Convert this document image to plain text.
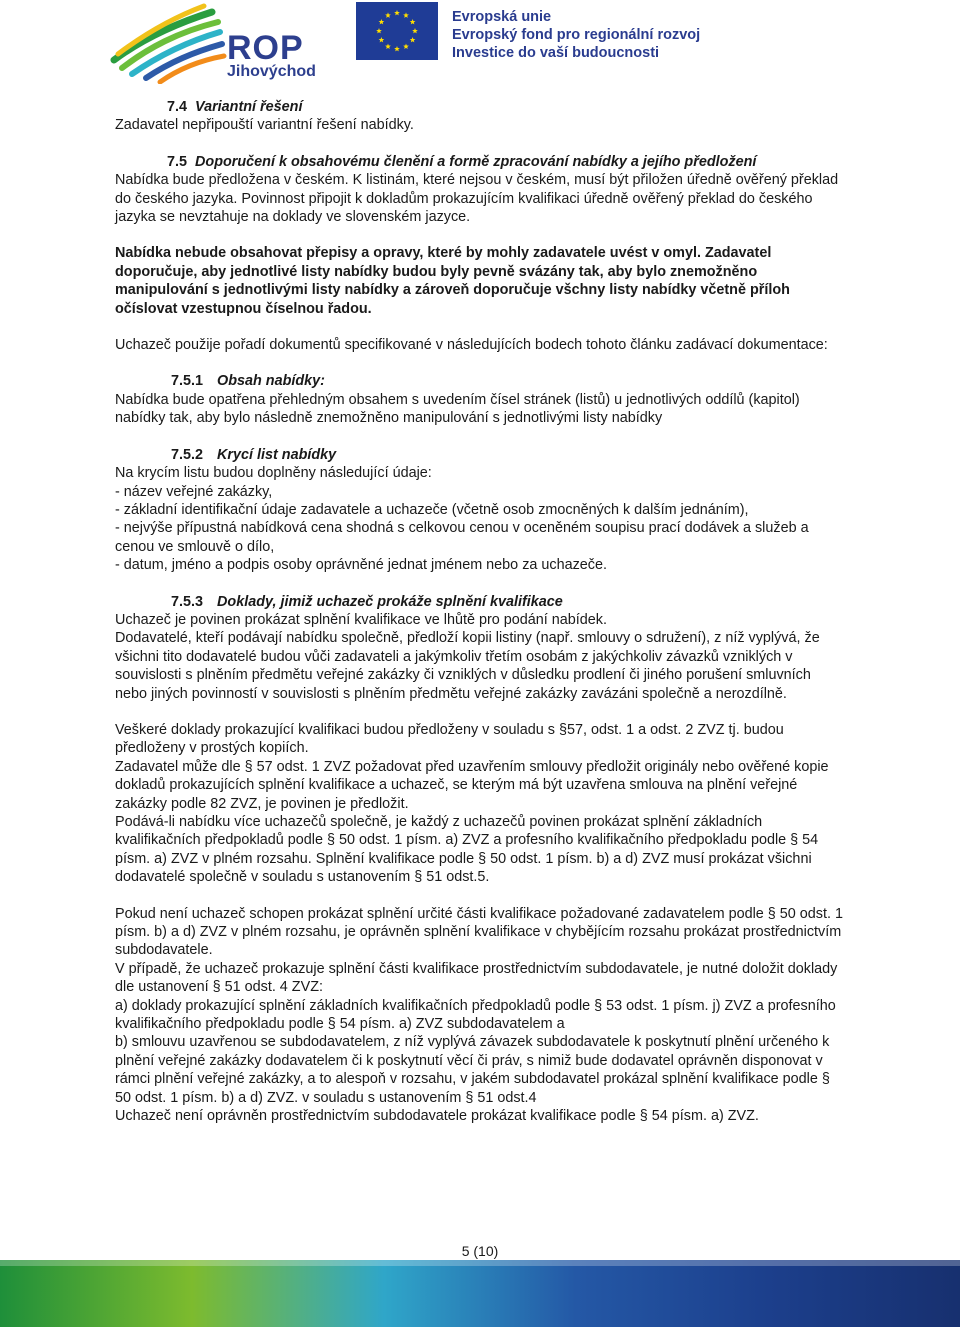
ROP
Jihovýchod
Evropská unie
Evropský fond pro regionální rozvoj
Investice do vaší budoucnosti

7.4 Variantní řešení

Zadavatel nepřipouští variantní řešení nabídky.

7.5 Doporučení k obsahovému členění a formě zpracování nabídky a jejího předložení

Nabídka bude předložena v českém. K listinám, které nejsou v českém, musí být přiložen úředně ověřený překlad do českého jazyka. Povinnost připojit k dokladům prokazujícím kvalifikaci úředně ověřený překlad do českého jazyka se nevztahuje na doklady ve slovenském jazyce.

Nabídka nebude obsahovat přepisy a opravy, které by mohly zadavatele uvést v omyl. Zadavatel doporučuje, aby jednotlivé listy nabídky budou byly pevně svázány tak, aby bylo znemožněno manipulování s jednotlivými listy nabídky a zároveň doporučuje všchny listy nabídky včetně příloh očíslovat vzestupnou číselnou řadou.

Uchazeč použije pořadí dokumentů specifikované v následujících bodech tohoto článku zadávací dokumentace:

7.5.1 Obsah nabídky:

Nabídka bude opatřena přehledným obsahem s uvedením čísel stránek (listů) u jednotlivých oddílů (kapitol) nabídky tak, aby bylo následně znemožněno manipulování s jednotlivými listy nabídky

7.5.2 Krycí list nabídky

Na krycím listu budou doplněny následující údaje:

- název veřejné zakázky,

- základní identifikační údaje zadavatele a uchazeče (včetně osob zmocněných k dalším jednáním),

- nejvýše přípustná nabídková cena shodná s celkovou cenou v oceněném soupisu prací dodávek a služeb a cenou ve smlouvě o dílo,

- datum, jméno a podpis osoby oprávněné jednat jménem nebo za uchazeče.

7.5.3 Doklady, jimiž uchazeč prokáže splnění kvalifikace

Uchazeč je povinen prokázat splnění kvalifikace ve lhůtě pro podání nabídek.

Dodavatelé, kteří podávají nabídku společně, předloží kopii listiny (např. smlouvy o sdružení), z níž vyplývá, že všichni tito dodavatelé budou vůči zadavateli a jakýmkoliv třetím osobám z jakýchkoliv závazků vzniklých v souvislosti s plněním předmětu veřejné zakázky či vzniklých v důsledku prodlení či jiného porušení smluvních nebo jiných povinností v souvislosti s plněním předmětu veřejné zakázky zavázáni společně a nerozdílně.

Veškeré doklady prokazující kvalifikaci budou předloženy v souladu s §57, odst. 1 a odst. 2 ZVZ tj. budou předloženy v prostých kopiích.

Zadavatel může dle § 57 odst. 1 ZVZ požadovat před uzavřením smlouvy předložit originály nebo ověřené kopie dokladů prokazujících splnění kvalifikace a uchazeč, se kterým má být uzavřena smlouva na plnění veřejné zakázky podle 82 ZVZ, je povinen je předložit.

Podává-li nabídku více uchazečů společně, je každý z uchazečů povinen prokázat splnění základních kvalifikačních předpokladů podle § 50 odst. 1 písm. a) ZVZ a profesního kvalifikačního předpokladu podle § 54 písm. a) ZVZ v plném rozsahu. Splnění kvalifikace podle § 50 odst. 1 písm. b) a d) ZVZ musí prokázat všichni dodavatelé společně v souladu s ustanovením § 51 odst.5.

Pokud není uchazeč schopen prokázat splnění určité části kvalifikace požadované zadavatelem podle § 50 odst. 1 písm. b) a d) ZVZ v plném rozsahu, je oprávněn splnění kvalifikace v chybějícím rozsahu prokázat prostřednictvím subdodavatele.

V případě, že uchazeč prokazuje splnění části kvalifikace prostřednictvím subdodavatele, je nutné doložit doklady dle ustanovení § 51 odst. 4 ZVZ:

a) doklady prokazující splnění základních kvalifikačních předpokladů podle § 53 odst. 1 písm. j) ZVZ a profesního kvalifikačního předpokladu podle § 54 písm. a) ZVZ subdodavatelem a

b) smlouvu uzavřenou se subdodavatelem, z níž vyplývá závazek subdodavatele k poskytnutí plnění určeného k plnění veřejné zakázky dodavatelem či k poskytnutí věcí či práv, s nimiž bude dodavatel oprávněn disponovat v rámci plnění veřejné zakázky, a to alespoň v rozsahu, v jakém subdodavatel prokázal splnění kvalifikace podle § 50 odst. 1 písm. b) a d) ZVZ. v souladu s ustanovením § 51 odst.4

Uchazeč není oprávněn prostřednictvím subdodavatele prokázat kvalifikace podle § 54 písm. a) ZVZ.

5 (10)
